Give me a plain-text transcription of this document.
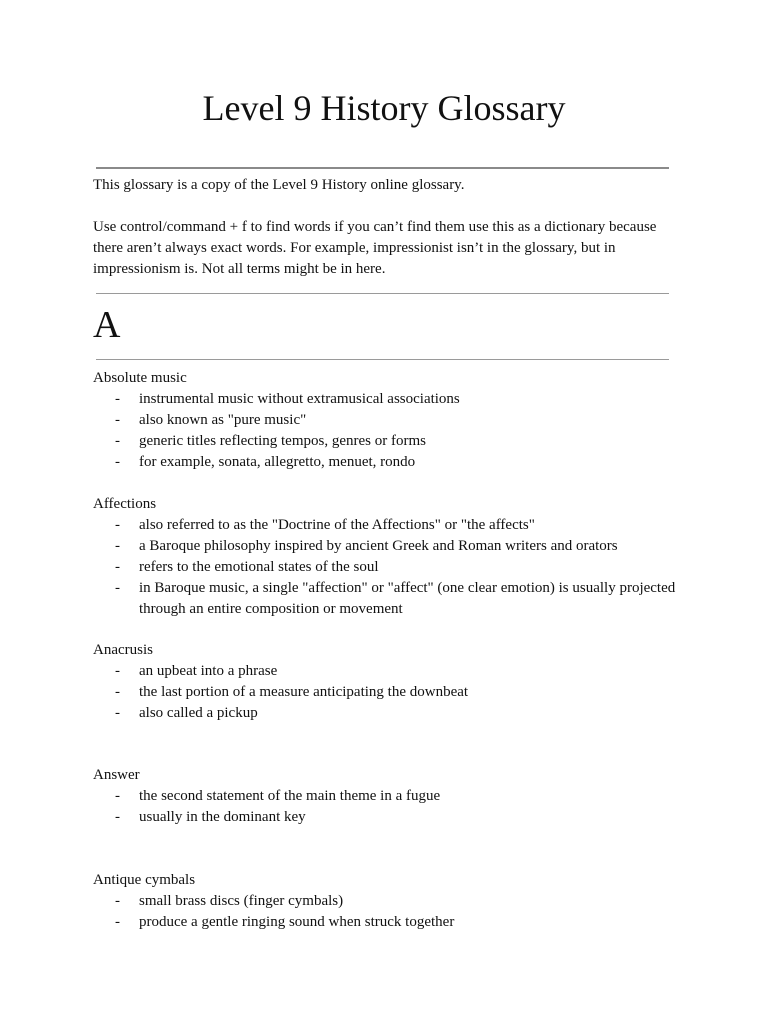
Level 9 History Glossary

This glossary is a copy of the Level 9 History online glossary.

Use control/command + f to find words if you can’t find them use this as a dictionary because there aren’t always exact words. For example, impressionist isn’t in the glossary, but in impressionism is. Not all terms might be in here.

A

Absolute music

- instrumental music without extramusical associations
- also known as "pure music"
- generic titles reflecting tempos, genres or forms
- for example, sonata, allegretto, menuet, rondo

Affections

- also referred to as the "Doctrine of the Affections" or "the affects"
- a Baroque philosophy inspired by ancient Greek and Roman writers and orators
- refers to the emotional states of the soul
- in Baroque music, a single "affection" or "affect" (one clear emotion) is usually projected through an entire composition or movement

Anacrusis

- an upbeat into a phrase
- the last portion of a measure anticipating the downbeat
- also called a pickup

Answer

- the second statement of the main theme in a fugue
- usually in the dominant key

Antique cymbals

- small brass discs (finger cymbals)
- produce a gentle ringing sound when struck together
